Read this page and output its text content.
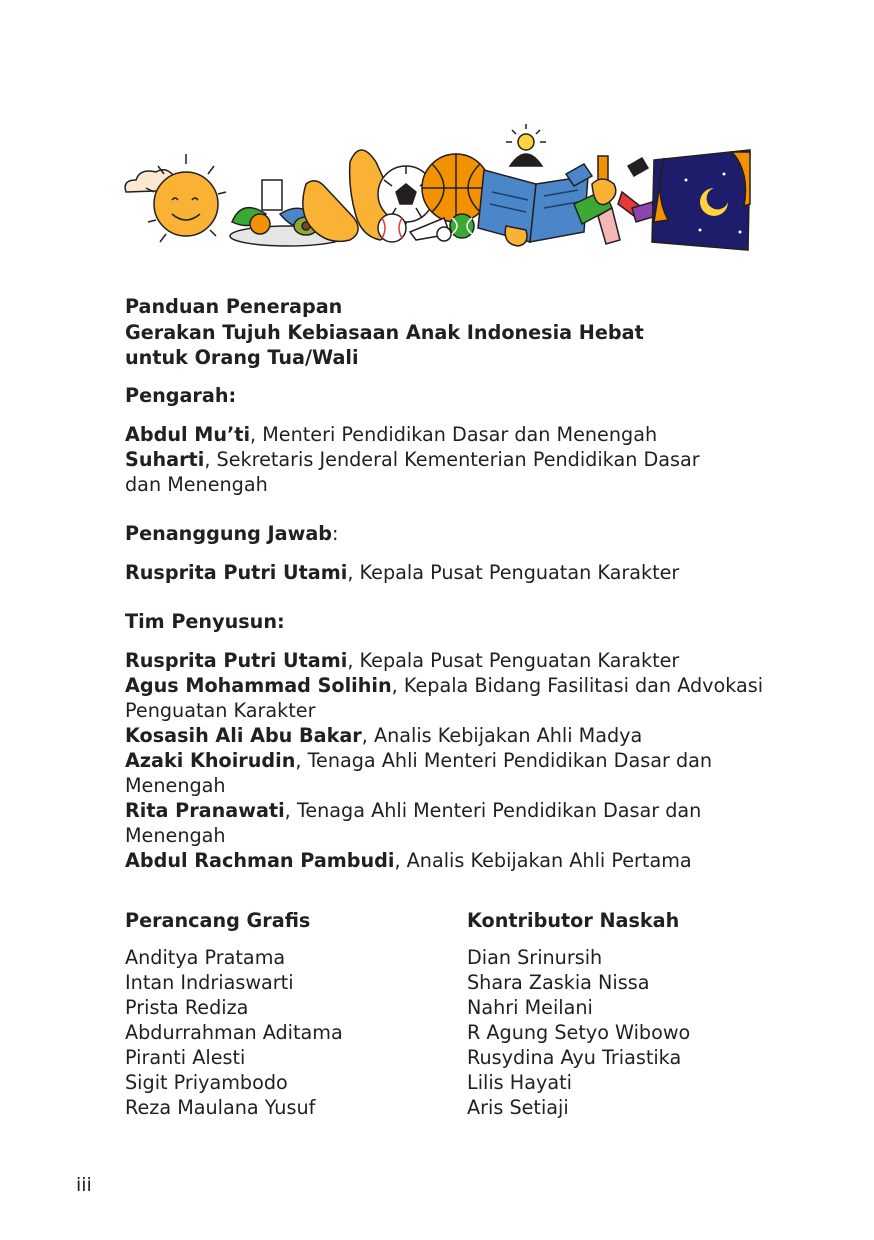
Panduan Penerapan

Gerakan Tujuh Kebiasaan Anak Indonesia Hebat

untuk Orang Tua/Wali

Pengarah:

Abdul Mu’ti, Menteri Pendidikan Dasar dan Menengah

Suharti, Sekretaris Jenderal Kementerian Pendidikan Dasar

dan Menengah

Penanggung Jawab:

Rusprita Putri Utami, Kepala Pusat Penguatan Karakter

Tim Penyusun:

Rusprita Putri Utami, Kepala Pusat Penguatan Karakter

Agus Mohammad Solihin, Kepala Bidang Fasilitasi dan Advokasi

Penguatan Karakter

Kosasih Ali Abu Bakar, Analis Kebijakan Ahli Madya

Azaki Khoirudin, Tenaga Ahli Menteri Pendidikan Dasar dan

Menengah

Rita Pranawati, Tenaga Ahli Menteri Pendidikan Dasar dan

Menengah

Abdul Rachman Pambudi, Analis Kebijakan Ahli Pertama

Perancang Grafis

Anditya Pratama
Intan Indriaswarti
Prista Rediza
Abdurrahman Aditama
Piranti Alesti
Sigit Priyambodo
Reza Maulana Yusuf

Kontributor Naskah

Dian Srinursih
Shara Zaskia Nissa
Nahri Meilani
R Agung Setyo Wibowo
Rusydina Ayu Triastika
Lilis Hayati
Aris Setiaji
iii
